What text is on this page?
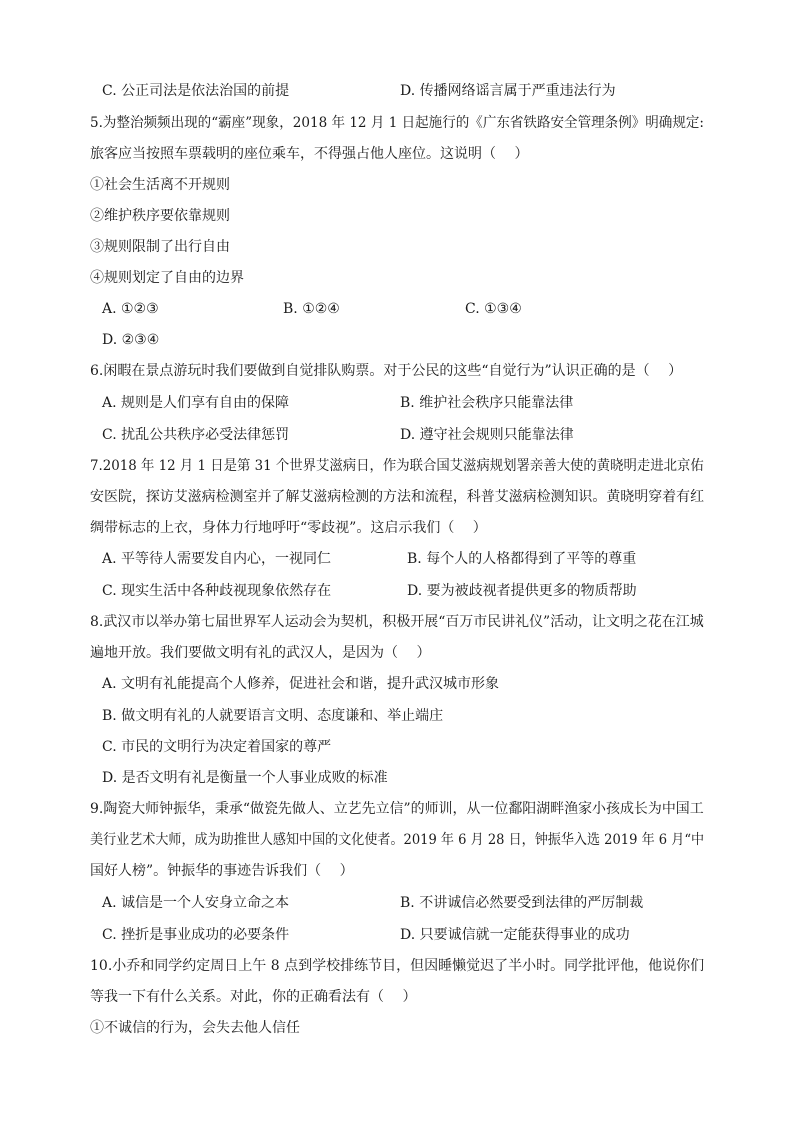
C. 公正司法是依法治国的前提	D. 传播网络谣言属于严重违法行为
5.为整治频频出现的“霸座”现象，2018 年 12 月 1 日起施行的《广东省铁路安全管理条例》明确规定:
旅客应当按照车票载明的座位乘车，不得强占他人座位。这说明（　 ）
①社会生活离不开规则
②维护秩序要依靠规则
③规则限制了出行自由
④规则划定了自由的边界
A. ①②③	B. ①②④	C. ①③④
D. ②③④
6.闲暇在景点游玩时我们要做到自觉排队购票。对于公民的这些“自觉行为”认识正确的是（　 ）
A. 规则是人们享有自由的保障	B. 维护社会秩序只能靠法律
C. 扰乱公共秩序必受法律惩罚	D. 遵守社会规则只能靠法律
7.2018 年 12 月 1 日是第 31 个世界艾滋病日，作为联合国艾滋病规划署亲善大使的黄晓明走进北京佑
安医院，探访艾滋病检测室并了解艾滋病检测的方法和流程，科普艾滋病检测知识。黄晓明穿着有红
绸带标志的上衣，身体力行地呼吁“零歧视”。这启示我们（　 ）
A. 平等待人需要发自内心，一视同仁	B. 每个人的人格都得到了平等的尊重
C. 现实生活中各种歧视现象依然存在	D. 要为被歧视者提供更多的物质帮助
8.武汉市以举办第七届世界军人运动会为契机，积极开展“百万市民讲礼仪”活动，让文明之花在江城
遍地开放。我们要做文明有礼的武汉人，是因为（　 ）
A. 文明有礼能提高个人修养，促进社会和谐，提升武汉城市形象
B. 做文明有礼的人就要语言文明、态度谦和、举止端庄
C. 市民的文明行为决定着国家的尊严
D. 是否文明有礼是衡量一个人事业成败的标准
9.陶瓷大师钟振华，秉承“做瓷先做人、立艺先立信”的师训，从一位鄱阳湖畔渔家小孩成长为中国工
美行业艺术大师，成为助推世人感知中国的文化使者。2019 年 6 月 28 日，钟振华入选 2019 年 6 月“中
国好人榜”。钟振华的事迹告诉我们（　 ）
A. 诚信是一个人安身立命之本	B. 不讲诚信必然要受到法律的严厉制裁
C. 挫折是事业成功的必要条件	D. 只要诚信就一定能获得事业的成功
10.小乔和同学约定周日上午 8 点到学校排练节目，但因睡懒觉迟了半小时。同学批评他，他说你们
等我一下有什么关系。对此，你的正确看法有（　 ）
①不诚信的行为，会失去他人信任
